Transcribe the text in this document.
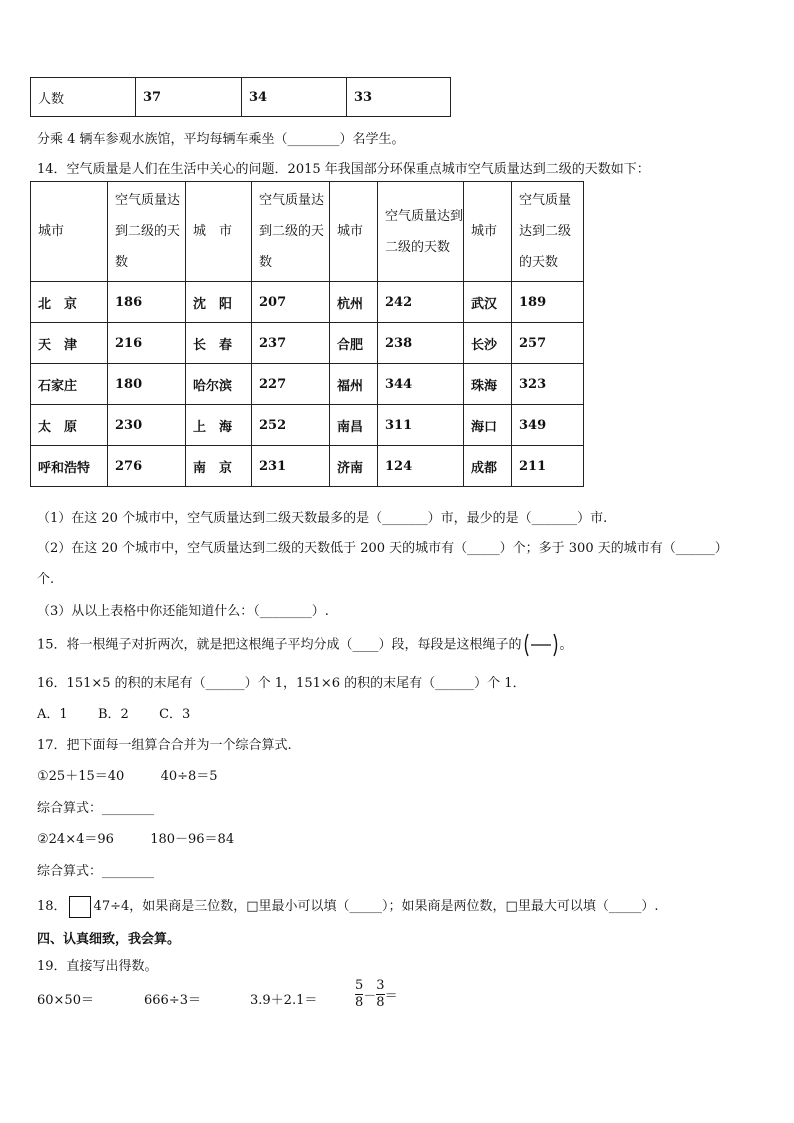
人数	37	34	33
分乘 4 辆车参观水族馆，平均每辆车乘坐（________）名学生。
14．空气质量是人们在生活中关心的问题．2015 年我国部分环保重点城市空气质量达到二级的天数如下：
城市	空气质量达到二级的天数	城　市	空气质量达到二级的天数	城市	空气质量达到二级的天数	城市	空气质量达到二级的天数
北　京	186	沈　阳	207	杭州	242	武汉	189
天　津	216	长　春	237	合肥	238	长沙	257
石家庄	180	哈尔滨	227	福州	344	珠海	323
太　原	230	上　海	252	南昌	311	海口	349
呼和浩特	276	南　京	231	济南	124	成都	211
（1）在这 20 个城市中，空气质量达到二级天数最多的是（_______）市，最少的是（_______）市.
（2）在这 20 个城市中，空气质量达到二级的天数低于 200 天的城市有（_____）个；多于 300 天的城市有（______）
个.
（3）从以上表格中你还能知道什么：（________）.
15．将一根绳子对折两次，就是把这根绳子平均分成（____）段，每段是这根绳子的	。
16．151×5 的积的末尾有（______）个 1，151×6 的积的末尾有（______）个 1．
A．1 B．2 C．3
17．把下面每一组算合合并为一个综合算式.
①25＋15＝40	40÷8＝5
综合算式：________
②24×4＝96	180－96＝84
综合算式：________
18． 47÷4，如果商是三位数，□里最小可以填（_____）；如果商是两位数，□里最大可以填（_____）.
四、认真细致，我会算。
19．直接写出得数。
60×50＝	666÷3＝	3.9＋2.1＝	$\frac{5}{8} - \frac{3}{8}$ ＝
